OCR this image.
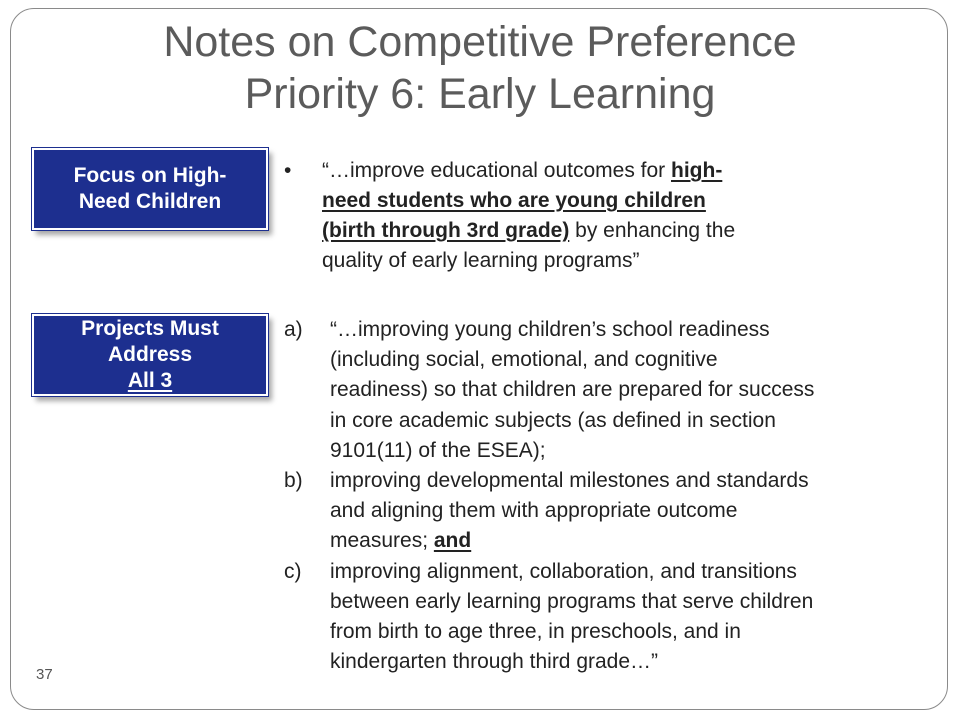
Notes on Competitive Preference
Priority 6: Early Learning
Focus on High-
Need Children
Projects Must
Address
All 3
• “…improve educational outcomes for high-
need students who are young children
(birth through 3rd grade) by enhancing the
quality of early learning programs”
a) “…improving young children’s school readiness
(including social, emotional, and cognitive
readiness) so that children are prepared for success
in core academic subjects (as defined in section
9101(11) of the ESEA);
b) improving developmental milestones and standards
and aligning them with appropriate outcome
measures; and
c) improving alignment, collaboration, and transitions
between early learning programs that serve children
from birth to age three, in preschools, and in
kindergarten through third grade…”
37
